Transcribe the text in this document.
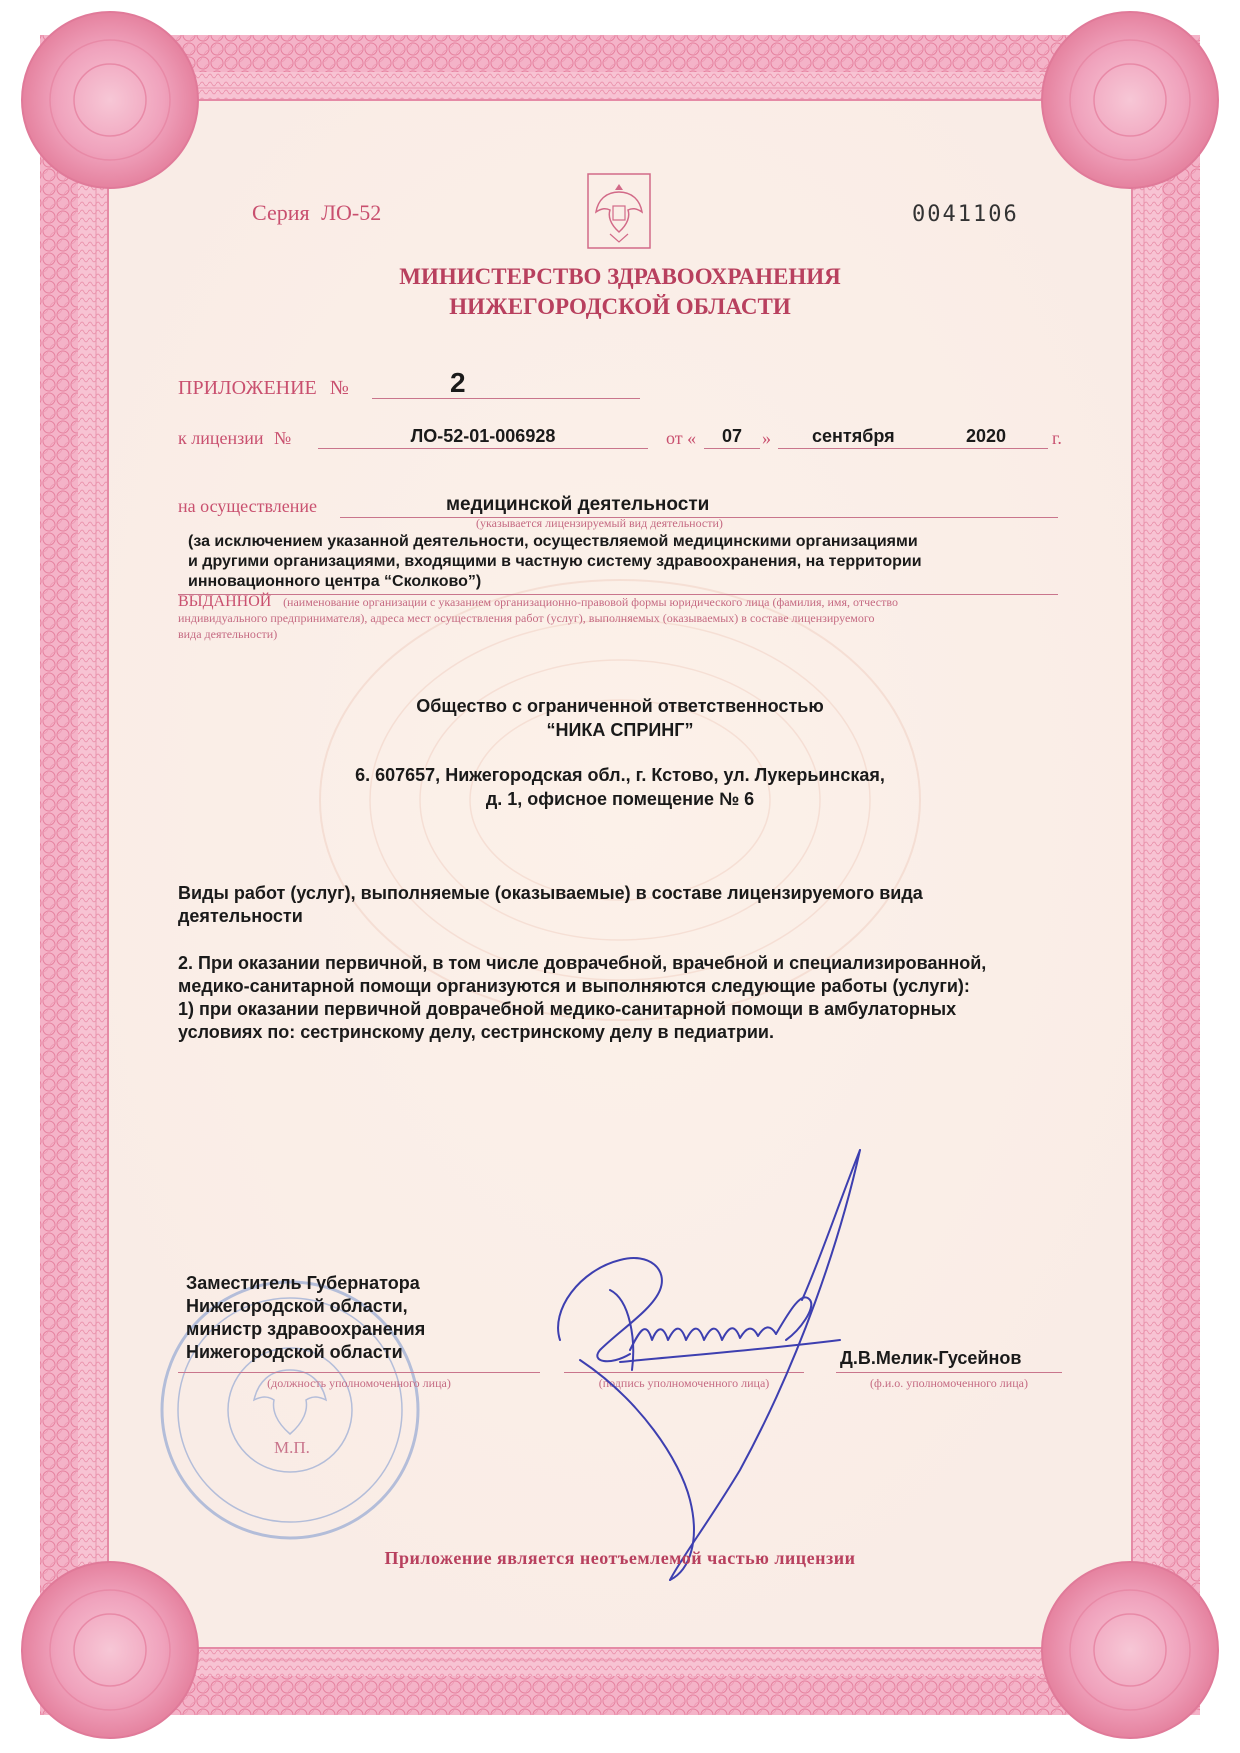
Серия ЛО-52	0041106
МИНИСТЕРСТВО ЗДРАВООХРАНЕНИЯ
НИЖЕГОРОДСКОЙ ОБЛАСТИ
ПРИЛОЖЕНИЕ №	2
к лицензии №	ЛО-52-01-006928	от «	07	» сентября	2020	г.
на осуществление	медицинской деятельности
(указывается лицензируемый вид деятельности)
(за исключением указанной деятельности, осуществляемой медицинскими организациями
и другими организациями, входящими в частную систему здравоохранения, на территории
инновационного центра “Сколково”)
ВЫДАННОЙ (наименование организации с указанием организационно-правовой формы юридического лица (фамилия, имя, отчество
индивидуального предпринимателя), адреса мест осуществления работ (услуг), выполняемых (оказываемых) в составе лицензируемого
вида деятельности)
Общество с ограниченной ответственностью
“НИКА СПРИНГ”
6. 607657, Нижегородская обл., г. Кстово, ул. Лукерьинская,
д. 1, офисное помещение № 6
Виды работ (услуг), выполняемые (оказываемые) в составе лицензируемого вида
деятельности
2. При оказании первичной, в том числе доврачебной, врачебной и специализированной,
медико-санитарной помощи организуются и выполняются следующие работы (услуги):
1) при оказании первичной доврачебной медико-санитарной помощи в амбулаторных
условиях по: сестринскому делу, сестринскому делу в педиатрии.
М.П.
Заместитель Губернатора
Нижегородской области,
министр здравоохранения
Нижегородской области
(должность уполномоченного лица)	(подпись уполномоченного лица)
Д.В.Мелик-Гусейнов
(ф.и.о. уполномоченного лица)
Приложение является неотъемлемой частью лицензии
